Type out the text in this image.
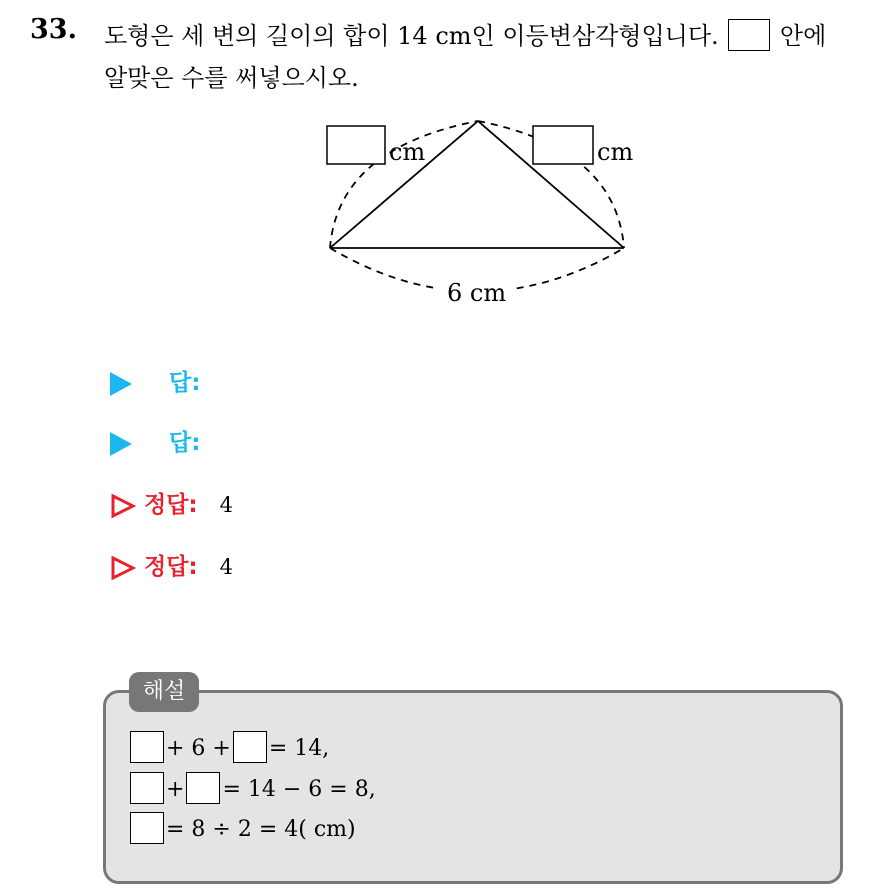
33. 도형은 세 변의 길이의 합이 14 cm인 이등변삼각형입니다.	안에
알맞은 수를 써넣으시오.
cm	cm
6 cm
답:
답:
정답: 4
정답: 4
해설
+ 6 + = 14,
+ = 14 − 6 = 8,
= 8 ÷ 2 = 4( cm)
